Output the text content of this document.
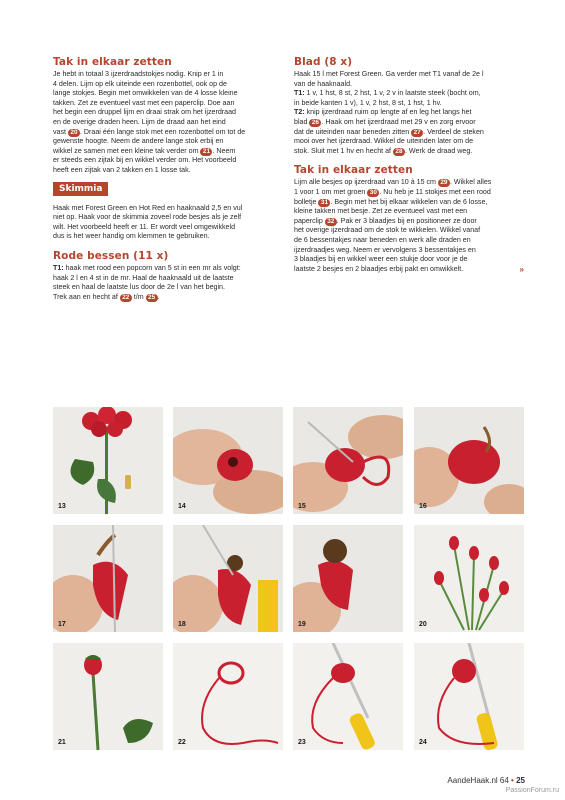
Tak in elkaar zetten

Je hebt in totaal 3 ijzerdraadstokjes nodig. Knip er 1 in
4 delen. Lijm op elk uiteinde een rozenbottel, ook op de
lange stokjes. Begin met omwikkelen van de 4 losse kleine
takken. Zet ze eventueel vast met een paperclip. Doe aan
het begin een druppel lijm en draai strak om het ijzerdraad
en de overige draden heen. Lijm de draad aan het eind
vast 20 . Draai één lange stok met een rozenbottel om tot de
gewenste hoogte. Neem de andere lange stok erbij en
wikkel ze samen met een kleine tak verder om 21 . Neem
er steeds een zijtak bij en wikkel verder om. Het voorbeeld
heeft een zijtak van 2 takken en 1 losse tak.

Skimmia

Haak met Forest Green en Hot Red en haaknaald 2,5 en vul
niet op. Haak voor de skimmia zoveel rode besjes als je zelf
wilt. Het voorbeeld heeft er 11. Er wordt veel omgewikkeld
dus is het weer handig om klemmen te gebruiken.

Rode bessen (11 x)

T1: haak met rood een popcorn van 5 st in een mr als volgt:
haak 2 l en 4 st in de mr. Haal de haaknaald uit de laatste
steek en haal de laatste lus door de 2e l van het begin.
Trek aan en hecht af 22 t/m 25 .

Blad (8 x)

Haak 15 l met Forest Green. Ga verder met T1 vanaf de 2e l
van de haaknaald.
T1: 1 v, 1 hst, 8 st, 2 hst, 1 v, 2 v in laatste steek (bocht om,
in beide kanten 1 v), 1 v, 2 hst, 8 st, 1 hst, 1 hv.
T2: knip ijzerdraad ruim op lengte af en leg het langs het
blad 26 . Haak om het ijzerdraad met 29 v en zorg ervoor
dat de uiteinden naar beneden zitten 27 . Verdeel de steken
mooi over het ijzerdraad. Wikkel de uiteinden later om de
stok. Sluit met 1 hv en hecht af 28 . Werk de draad weg.

Tak in elkaar zetten

Lijm alle besjes op ijzerdraad van 10 à 15 cm 29 . Wikkel alles
1 voor 1 om met groen 30 . Nu heb je 11 stokjes met een rood
bolletje 31 . Begin met het bij elkaar wikkelen van de 6 losse,
kleine takken met besje. Zet ze eventueel vast met een
paperclip 32 . Pak er 3 blaadjes bij en positioneer ze door
het overige ijzerdraad om de stok te wikkelen. Wikkel vanaf
de 6 bessentakjes naar beneden en werk alle draden en
ijzerdraadjes weg. Neem er vervolgens 3 bessentakjes en
3 blaadjes bij en wikkel weer een stukje door voor je de
laatste 2 besjes en 2 blaadjes erbij pakt en omwikkelt.	»

13	14	15	16
17	18	19	20
21	22	23	24
AandeHaak.nl 64 • 25
PassionForum.ru
